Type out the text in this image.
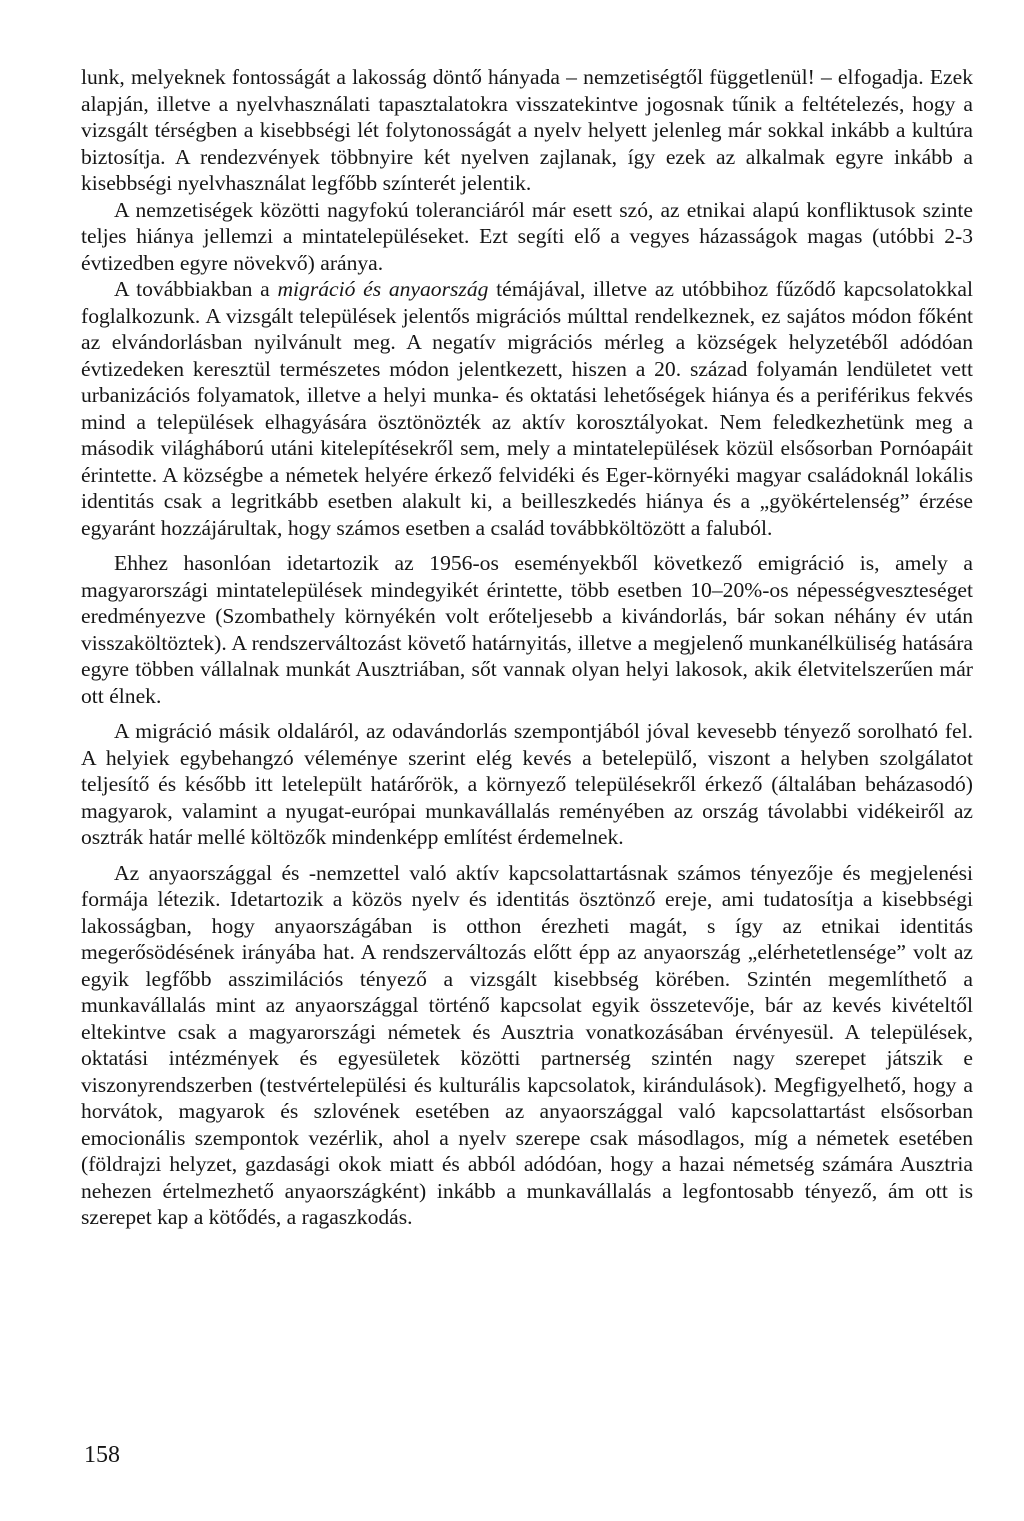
lunk, melyeknek fontosságát a lakosság döntő hányada – nemzetiségtől függetlenül! – elfogadja. Ezek alapján, illetve a nyelvhasználati tapasztalatokra visszatekintve jogosnak tűnik a feltételezés, hogy a vizsgált térségben a kisebbségi lét folytonosságát a nyelv helyett jelenleg már sokkal inkább a kultúra biztosítja. A rendezvények többnyire két nyelven zajlanak, így ezek az alkalmak egyre inkább a kisebbségi nyelvhasználat legfőbb színterét jelentik.

A nemzetiségek közötti nagyfokú toleranciáról már esett szó, az etnikai alapú konfliktusok szinte teljes hiánya jellemzi a mintatelepüléseket. Ezt segíti elő a vegyes házasságok magas (utóbbi 2-3 évtizedben egyre növekvő) aránya.

A továbbiakban a migráció és anyaország témájával, illetve az utóbbihoz fűződő kapcsolatokkal foglalkozunk. A vizsgált települések jelentős migrációs múlttal rendelkeznek, ez sajátos módon főként az elvándorlásban nyilvánult meg. A negatív migrációs mérleg a községek helyzetéből adódóan évtizedeken keresztül természetes módon jelentkezett, hiszen a 20. század folyamán lendületet vett urbanizációs folyamatok, illetve a helyi munka- és oktatási lehetőségek hiánya és a periférikus fekvés mind a települések elhagyására ösztönözték az aktív korosztályokat. Nem feledkezhetünk meg a második világháború utáni kitelepítésekről sem, mely a mintatelepülések közül elsősorban Pornóapáit érintette. A községbe a németek helyére érkező felvidéki és Eger-környéki magyar családoknál lokális identitás csak a legritkább esetben alakult ki, a beilleszkedés hiánya és a „gyökértelenség” érzése egyaránt hozzájárultak, hogy számos esetben a család továbbköltözött a faluból.

Ehhez hasonlóan idetartozik az 1956-os eseményekből következő emigráció is, amely a magyarországi mintatelepülések mindegyikét érintette, több esetben 10–20%-os népességveszteséget eredményezve (Szombathely környékén volt erőteljesebb a kivándorlás, bár sokan néhány év után visszaköltöztek). A rendszerváltozást követő határnyitás, illetve a megjelenő munkanélküliség hatására egyre többen vállalnak munkát Ausztriában, sőt vannak olyan helyi lakosok, akik életvitelszerűen már ott élnek.

A migráció másik oldaláról, az odavándorlás szempontjából jóval kevesebb tényező sorolható fel. A helyiek egybehangzó véleménye szerint elég kevés a betelepülő, viszont a helyben szolgálatot teljesítő és később itt letelepült határőrök, a környező településekről érkező (általában beházasodó) magyarok, valamint a nyugat-európai munkavállalás reményében az ország távolabbi vidékeiről az osztrák határ mellé költözők mindenképp említést érdemelnek.

Az anyaországgal és -nemzettel való aktív kapcsolattartásnak számos tényezője és megjelenési formája létezik. Idetartozik a közös nyelv és identitás ösztönző ereje, ami tudatosítja a kisebbségi lakosságban, hogy anyaországában is otthon érezheti magát, s így az etnikai identitás megerősödésének irányába hat. A rendszerváltozás előtt épp az anyaország „elérhetetlensége” volt az egyik legfőbb asszimilációs tényező a vizsgált kisebbség körében. Szintén megemlíthető a munkavállalás mint az anyaországgal történő kapcsolat egyik összetevője, bár az kevés kivételtől eltekintve csak a magyarországi németek és Ausztria vonatkozásában érvényesül. A települések, oktatási intézmények és egyesületek közötti partnerség szintén nagy szerepet játszik e viszonyrendszerben (testvértelepülési és kulturális kapcsolatok, kirándulások). Megfigyelhető, hogy a horvátok, magyarok és szlovének esetében az anyaországgal való kapcsolattartást elsősorban emocionális szempontok vezérlik, ahol a nyelv szerepe csak másodlagos, míg a németek esetében (földrajzi helyzet, gazdasági okok miatt és abból adódóan, hogy a hazai németség számára Ausztria nehezen értelmezhető anyaországként) inkább a munkavállalás a legfontosabb tényező, ám ott is szerepet kap a kötődés, a ragaszkodás.

158
